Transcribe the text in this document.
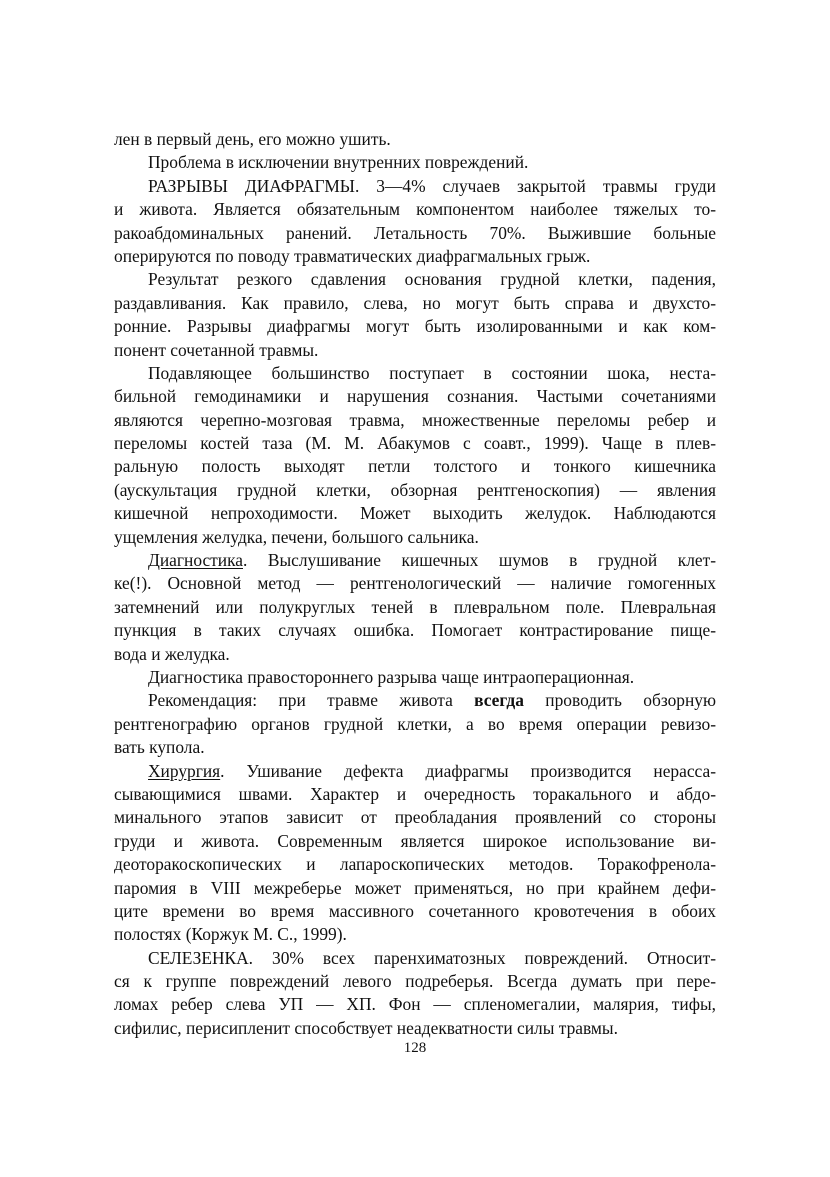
лен в первый день, его можно ушить.
Проблема в исключении внутренних повреждений.
РАЗРЫВЫ ДИАФРАГМЫ. 3—4% случаев закрытой травмы груди
и живота. Является обязательным компонентом наиболее тяжелых то-
ракоабдоминальных ранений. Летальность 70%. Выжившие больные
оперируются по поводу травматических диафрагмальных грыж.
Результат резкого сдавления основания грудной клетки, падения,
раздавливания. Как правило, слева, но могут быть справа и двухсто-
ронние. Разрывы диафрагмы могут быть изолированными и как ком-
понент сочетанной травмы.
Подавляющее большинство поступает в состоянии шока, неста-
бильной гемодинамики и нарушения сознания. Частыми сочетаниями
являются черепно-мозговая травма, множественные переломы ребер и
переломы костей таза (М. М. Абакумов с соавт., 1999). Чаще в плев-
ральную полость выходят петли толстого и тонкого кишечника
(аускультация грудной клетки, обзорная рентгеноскопия) — явления
кишечной непроходимости. Может выходить желудок. Наблюдаются
ущемления желудка, печени, большого сальника.
Диагностика. Выслушивание кишечных шумов в грудной клет-
ке(!). Основной метод — рентгенологический — наличие гомогенных
затемнений или полукруглых теней в плевральном поле. Плевральная
пункция в таких случаях ошибка. Помогает контрастирование пище-
вода и желудка.
Диагностика правостороннего разрыва чаще интраоперационная.
Рекомендация: при травме живота всегда проводить обзорную
рентгенографию органов грудной клетки, а во время операции ревизо-
вать купола.
Хирургия. Ушивание дефекта диафрагмы производится нерасса-
сывающимися швами. Характер и очередность торакального и абдо-
минального этапов зависит от преобладания проявлений со стороны
груди и живота. Современным является широкое использование ви-
деоторакоскопических и лапароскопических методов. Торакофренола-
паромия в VIII межреберье может применяться, но при крайнем дефи-
ците времени во время массивного сочетанного кровотечения в обоих
полостях (Коржук М. С., 1999).
СЕЛЕЗЕНКА. 30% всех паренхиматозных повреждений. Относит-
ся к группе повреждений левого подреберья. Всегда думать при пере-
ломах ребер слева УП — ХП. Фон — спленомегалии, малярия, тифы,
сифилис, перисипленит способствует неадекватности силы травмы.
128
